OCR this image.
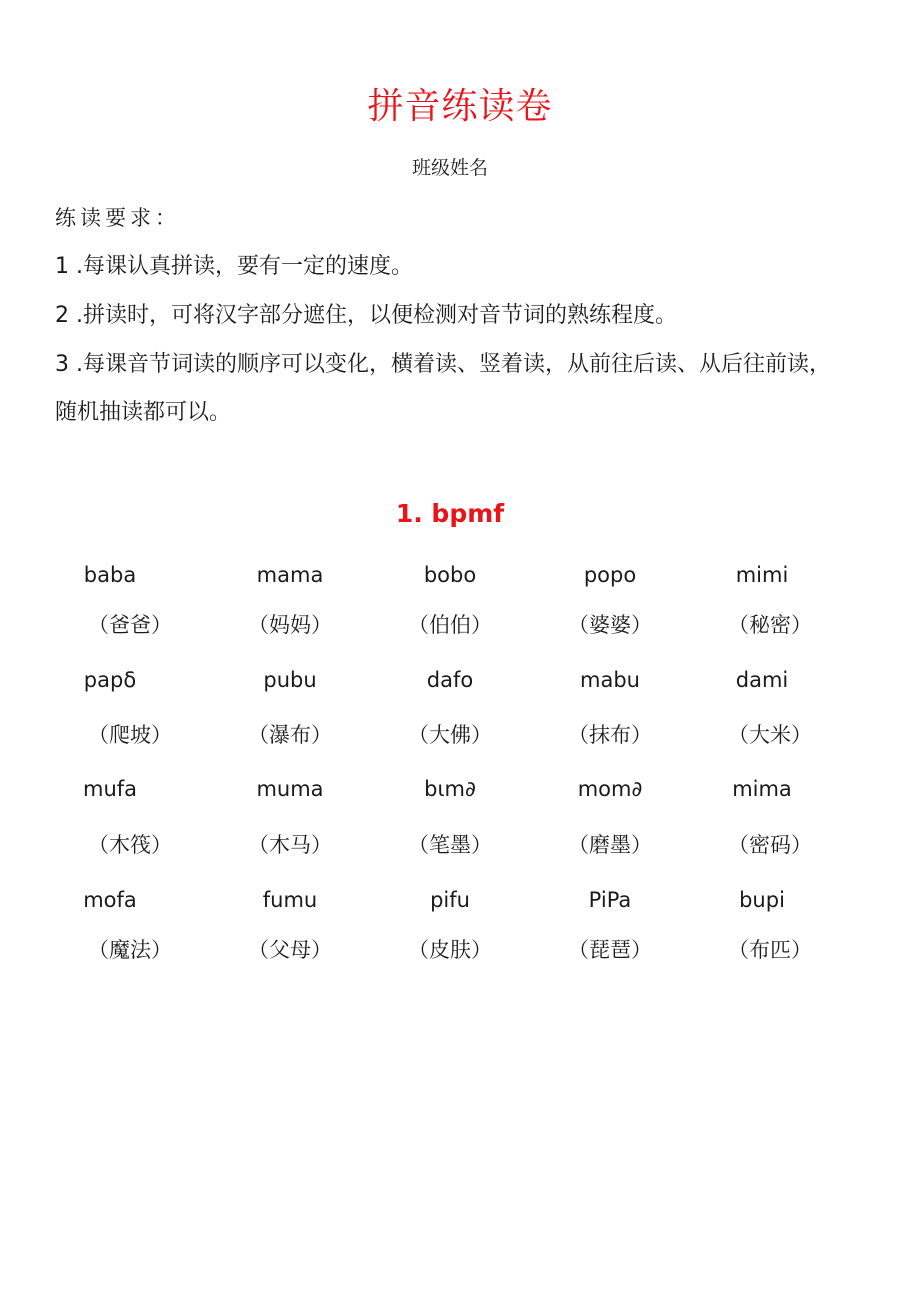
拼音练读卷
班级姓名
练读要求：

1 .每课认真拼读，要有一定的速度。

2 .拼读时，可将汉字部分遮住，以便检测对音节词的熟练程度。

3 .每课音节词读的顺序可以变化，横着读、竖着读，从前往后读、从后往前读，随机抽读都可以。

1. bpmf
baba
（爸爸）
mama
（妈妈）
bobo
（伯伯）
popo
（婆婆）
mimi
（秘密）
papδ
（爬坡）
pubu
（瀑布）
dafo
（大佛）
mabu
（抹布）
dami
（大米）
mufa
（木筏）
muma
（木马）
bιm∂
（笔墨）
mom∂
（磨墨）
mima
（密码）
mofa
（魔法）
fumu
（父母）
pifu
（皮肤）
PiPa
（琵琶）
bupi
（布匹）
